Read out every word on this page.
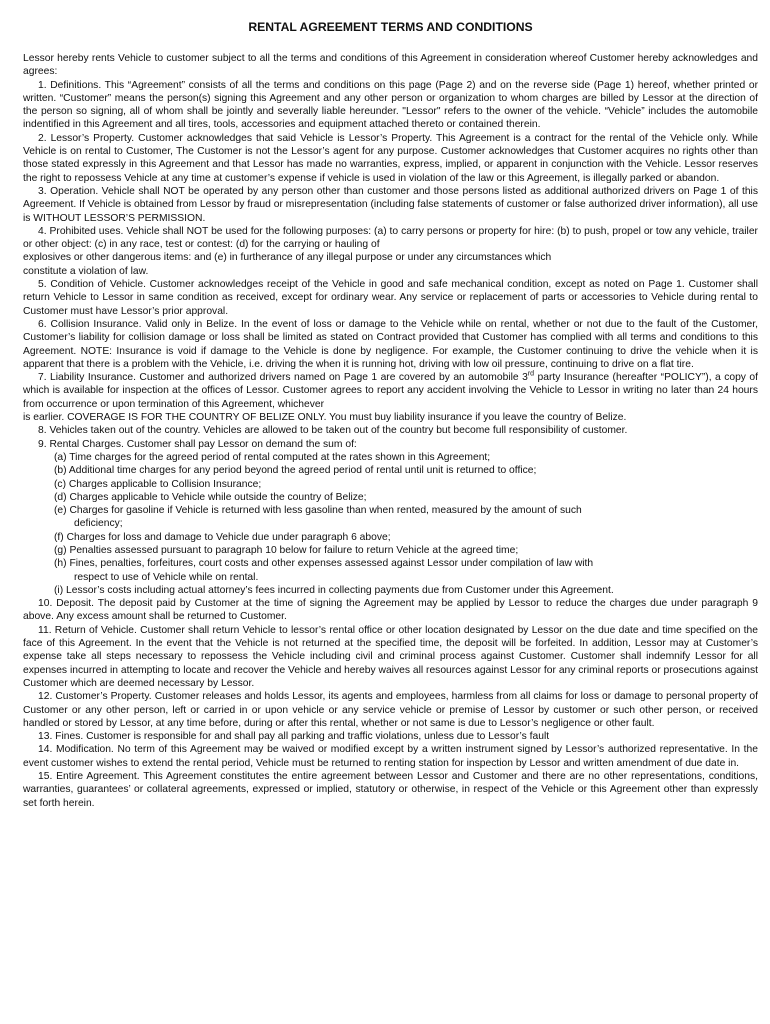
RENTAL AGREEMENT TERMS AND CONDITIONS

Lessor hereby rents Vehicle to customer subject to all the terms and conditions of this Agreement in consideration whereof Customer hereby acknowledges and agrees:

1. Definitions. This “Agreement” consists of all the terms and conditions on this page (Page 2) and on the reverse side (Page 1) hereof, whether printed or written. “Customer” means the person(s) signing this Agreement and any other person or organization to whom charges are billed by Lessor at the direction of the person so signing, all of whom shall be jointly and severally liable hereunder. "Lessor" refers to the owner of the vehicle. “Vehicle” includes the automobile indentified in this Agreement and all tires, tools, accessories and equipment attached thereto or contained therein.

2. Lessor’s Property. Customer acknowledges that said Vehicle is Lessor’s Property. This Agreement is a contract for the rental of the Vehicle only. While Vehicle is on rental to Customer, The Customer is not the Lessor’s agent for any purpose. Customer acknowledges that Customer acquires no rights other than those stated expressly in this Agreement and that Lessor has made no warranties, express, implied, or apparent in conjunction with the Vehicle. Lessor reserves the right to repossess Vehicle at any time at customer’s expense if vehicle is used in violation of the law or this Agreement, is illegally parked or abandon.

3. Operation. Vehicle shall NOT be operated by any person other than customer and those persons listed as additional authorized drivers on Page 1 of this Agreement. If Vehicle is obtained from Lessor by fraud or misrepresentation (including false statements of customer or false authorized driver information), all use is WITHOUT LESSOR’S PERMISSION.

4. Prohibited uses. Vehicle shall NOT be used for the following purposes: (a) to carry persons or property for hire: (b) to push, propel or tow any vehicle, trailer or other object: (c) in any race, test or contest: (d) for the carrying or hauling of

explosives or other dangerous items: and (e) in furtherance of any illegal purpose or under any circumstances which

constitute a violation of law.

5. Condition of Vehicle. Customer acknowledges receipt of the Vehicle in good and safe mechanical condition, except as noted on Page 1. Customer shall return Vehicle to Lessor in same condition as received, except for ordinary wear. Any service or replacement of parts or accessories to Vehicle during rental to Customer must have Lessor’s prior approval.

6. Collision Insurance. Valid only in Belize. In the event of loss or damage to the Vehicle while on rental, whether or not due to the fault of the Customer, Customer’s liability for collision damage or loss shall be limited as stated on Contract provided that Customer has complied with all terms and conditions to this Agreement. NOTE: Insurance is void if damage to the Vehicle is done by negligence. For example, the Customer continuing to drive the vehicle when it is apparent that there is a problem with the Vehicle, i.e. driving the when it is running hot, driving with low oil pressure, continuing to drive on a flat tire.

7. Liability Insurance. Customer and authorized drivers named on Page 1 are covered by an automobile 3rd party Insurance (hereafter “POLICY”), a copy of which is available for inspection at the offices of Lessor. Customer agrees to report any accident involving the Vehicle to Lessor in writing no later than 24 hours from occurrence or upon termination of this Agreement, whichever

is earlier. COVERAGE IS FOR THE COUNTRY OF BELIZE ONLY. You must buy liability insurance if you leave the country of Belize.

8. Vehicles taken out of the country. Vehicles are allowed to be taken out of the country but become full responsibility of customer.

9. Rental Charges. Customer shall pay Lessor on demand the sum of:

(a) Time charges for the agreed period of rental computed at the rates shown in this Agreement;
(b) Additional time charges for any period beyond the agreed period of rental until unit is returned to office;
(c) Charges applicable to Collision Insurance;
(d) Charges applicable to Vehicle while outside the country of Belize;
(e) Charges for gasoline if Vehicle is returned with less gasoline than when rented, measured by the amount of such
deficiency;
(f) Charges for loss and damage to Vehicle due under paragraph 6 above;
(g) Penalties assessed pursuant to paragraph 10 below for failure to return Vehicle at the agreed time;
(h) Fines, penalties, forfeitures, court costs and other expenses assessed against Lessor under compilation of law with
respect to use of Vehicle while on rental.
(i) Lessor’s costs including actual attorney’s fees incurred in collecting payments due from Customer under this Agreement.

10. Deposit. The deposit paid by Customer at the time of signing the Agreement may be applied by Lessor to reduce the charges due under paragraph 9 above. Any excess amount shall be returned to Customer.

11. Return of Vehicle. Customer shall return Vehicle to lessor’s rental office or other location designated by Lessor on the due date and time specified on the face of this Agreement. In the event that the Vehicle is not returned at the specified time, the deposit will be forfeited. In addition, Lessor may at Customer’s expense take all steps necessary to repossess the Vehicle including civil and criminal process against Customer. Customer shall indemnify Lessor for all expenses incurred in attempting to locate and recover the Vehicle and hereby waives all resources against Lessor for any criminal reports or prosecutions against Customer which are deemed necessary by Lessor.

12. Customer’s Property. Customer releases and holds Lessor, its agents and employees, harmless from all claims for loss or damage to personal property of Customer or any other person, left or carried in or upon vehicle or any service vehicle or premise of Lessor by customer or such other person, or received handled or stored by Lessor, at any time before, during or after this rental, whether or not same is due to Lessor’s negligence or other fault.

13. Fines. Customer is responsible for and shall pay all parking and traffic violations, unless due to Lessor’s fault

14. Modification. No term of this Agreement may be waived or modified except by a written instrument signed by Lessor’s authorized representative. In the event customer wishes to extend the rental period, Vehicle must be returned to renting station for inspection by Lessor and written amendment of due date in.

15. Entire Agreement. This Agreement constitutes the entire agreement between Lessor and Customer and there are no other representations, conditions, warranties, guarantees’ or collateral agreements, expressed or implied, statutory or otherwise, in respect of the Vehicle or this Agreement other than expressly set forth herein.
